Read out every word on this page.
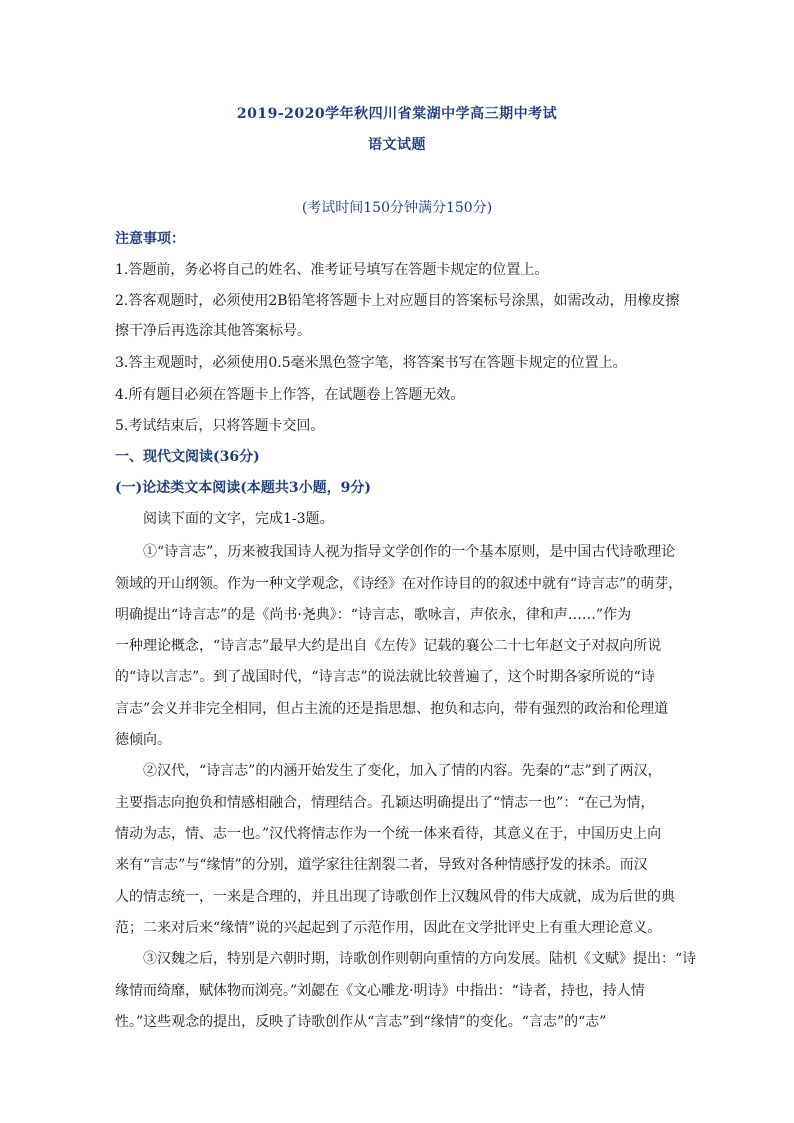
2019-2020学年秋四川省棠湖中学高三期中考试
语文试题
(考试时间150分钟满分150分)
注意事项：
1.答题前，务必将自己的姓名、准考证号填写在答题卡规定的位置上。
2.答客观题时，必须使用2B铅笔将答题卡上对应题目的答案标号涂黑，如需改动，用橡皮擦
擦干净后再选涂其他答案标号。
3.答主观题时，必须使用0.5毫米黑色签字笔，将答案书写在答题卡规定的位置上。
4.所有题目必须在答题卡上作答，在试题卷上答题无效。
5.考试结束后，只将答题卡交回。
一、现代文阅读(36分)
(一)论述类文本阅读(本题共3小题，9分)
阅读下面的文字，完成1-3题。
①“诗言志”，历来被我国诗人视为指导文学创作的一个基本原则，是中国古代诗歌理论
领域的开山纲领。作为一种文学观念，《诗经》在对作诗目的的叙述中就有“诗言志”的萌芽，
明确提出“诗言志”的是《尚书·尧典》：“诗言志，歌咏言，声依永，律和声……”作为
一种理论概念，“诗言志”最早大约是出自《左传》记载的襄公二十七年赵文子对叔向所说
的“诗以言志”。到了战国时代，“诗言志”的说法就比较普遍了，这个时期各家所说的“诗
言志”会义并非完全相同，但占主流的还是指思想、抱负和志向，带有强烈的政治和伦理道
德倾向。
②汉代，“诗言志”的内涵开始发生了变化，加入了情的内容。先秦的“志”到了两汉，
主要指志向抱负和情感相融合，情理结合。孔颖达明确提出了“情志一也”：“在己为情，
情动为志，情、志一也。”汉代将情志作为一个统一体来看待，其意义在于，中国历史上向
来有“言志”与“缘情”的分别，道学家往往割裂二者，导致对各种情感抒发的抹杀。而汉
人的情志统一，一来是合理的，并且出现了诗歌创作上汉魏风骨的伟大成就，成为后世的典
范；二来对后来“缘情”说的兴起起到了示范作用，因此在文学批评史上有重大理论意义。
③汉魏之后，特别是六朝时期，诗歌创作则朝向重情的方向发展。陆机《文赋》提出：“诗
缘情而绮靡，赋体物而浏亮。”刘勰在《文心雕龙·明诗》中指出：“诗者，持也，持人情
性。”这些观念的提出，反映了诗歌创作从“言志”到“缘情”的变化。“言志”的“志”
